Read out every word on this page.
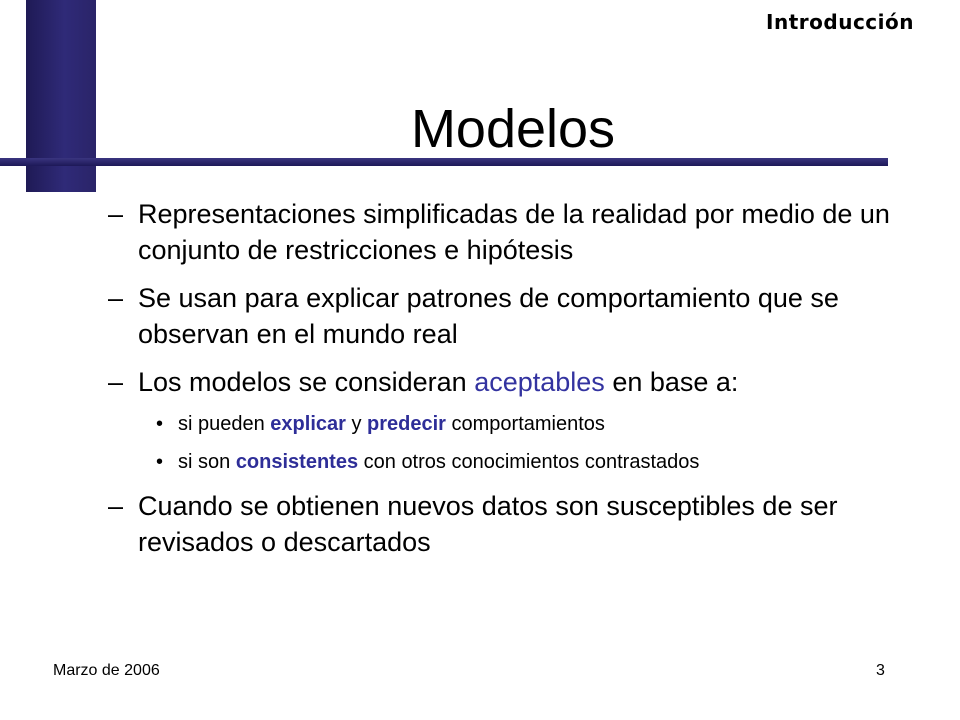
Introducción
Modelos
– Representaciones simplificadas de la realidad por medio de un conjunto de restricciones e hipótesis
– Se usan para explicar patrones de comportamiento que se observan en el mundo real
– Los modelos se consideran aceptables en base a:
• si pueden explicar y predecir comportamientos
• si son consistentes con otros conocimientos contrastados
– Cuando se obtienen nuevos datos son susceptibles de ser revisados o descartados
Marzo de 2006	3
